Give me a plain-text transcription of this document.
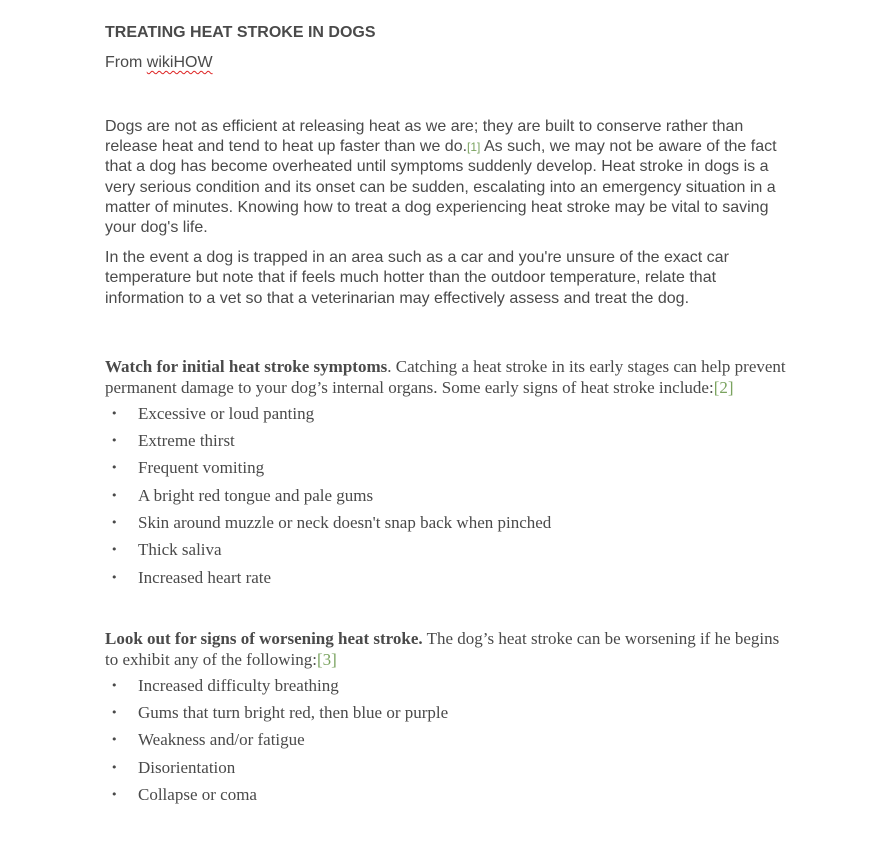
TREATING HEAT STROKE IN DOGS

From wikiHOW

Dogs are not as efficient at releasing heat as we are; they are built to conserve rather than release heat and tend to heat up faster than we do.[1] As such, we may not be aware of the fact that a dog has become overheated until symptoms suddenly develop. Heat stroke in dogs is a very serious condition and its onset can be sudden, escalating into an emergency situation in a matter of minutes. Knowing how to treat a dog experiencing heat stroke may be vital to saving your dog's life.

In the event a dog is trapped in an area such as a car and you're unsure of the exact car temperature but note that if feels much hotter than the outdoor temperature, relate that information to a vet so that a veterinarian may effectively assess and treat the dog.

Watch for initial heat stroke symptoms. Catching a heat stroke in its early stages can help prevent permanent damage to your dog’s internal organs. Some early signs of heat stroke include:[2]

• Excessive or loud panting
• Extreme thirst
• Frequent vomiting
• A bright red tongue and pale gums
• Skin around muzzle or neck doesn't snap back when pinched
• Thick saliva
• Increased heart rate

Look out for signs of worsening heat stroke. The dog’s heat stroke can be worsening if he begins to exhibit any of the following:[3]

• Increased difficulty breathing
• Gums that turn bright red, then blue or purple
• Weakness and/or fatigue
• Disorientation
• Collapse or coma
